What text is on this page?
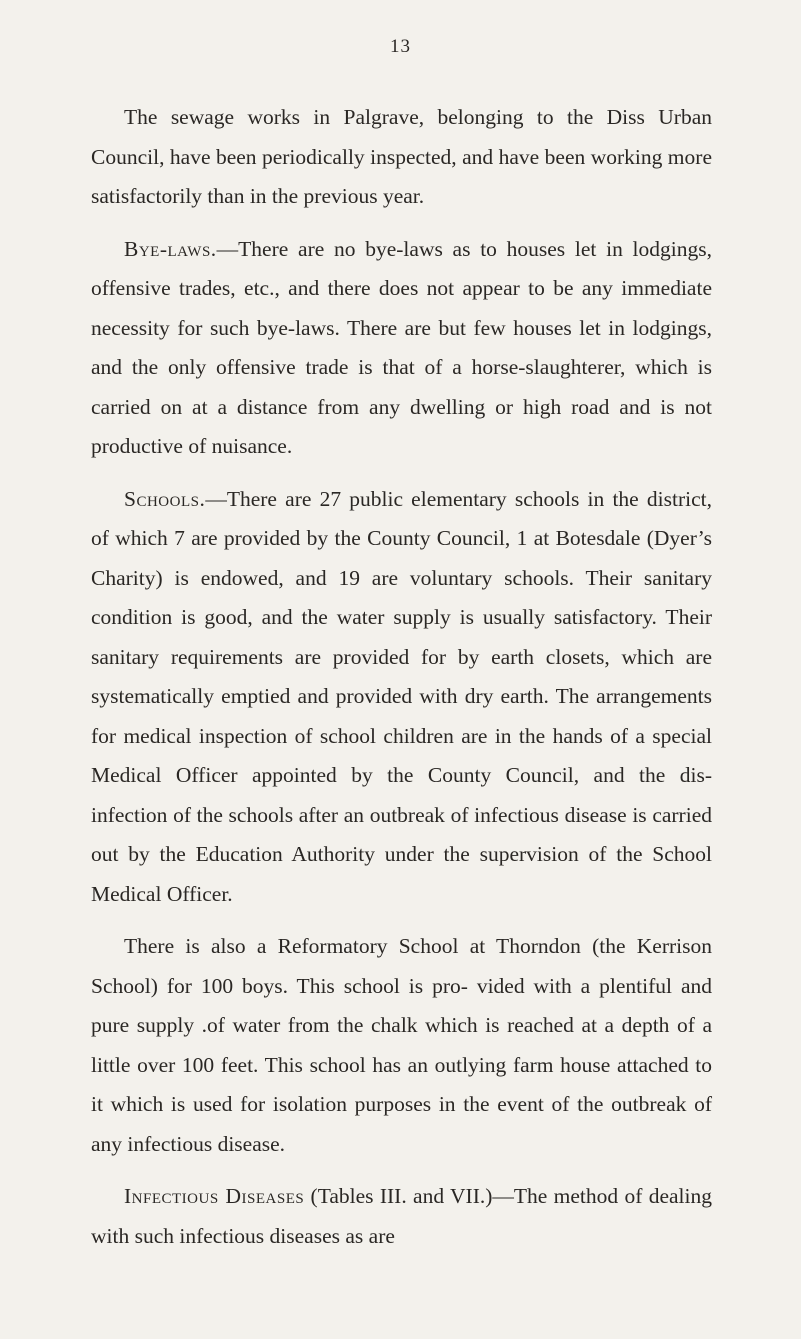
13

The sewage works in Palgrave, belonging to the Diss Urban Council, have been periodically inspected, and have been working more satisfactorily than in the previous year.

Bye-laws.—There are no bye-laws as to houses let in lodgings, offensive trades, etc., and there does not appear to be any immediate necessity for such bye-laws. There are but few houses let in lodgings, and the only offensive trade is that of a horse-slaughterer, which is carried on at a distance from any dwelling or high road and is not productive of nuisance.

Schools.—There are 27 public elementary schools in the district, of which 7 are provided by the County Council, 1 at Botesdale (Dyer’s Charity) is endowed, and 19 are voluntary schools. Their sanitary condition is good, and the water supply is usually satisfactory. Their sanitary requirements are provided for by earth closets, which are systematically emptied and provided with dry earth. The arrangements for medical inspection of school children are in the hands of a special Medical Officer appointed by the County Council, and the dis- infection of the schools after an outbreak of infectious disease is carried out by the Education Authority under the supervision of the School Medical Officer.

There is also a Reformatory School at Thorndon (the Kerrison School) for 100 boys. This school is pro- vided with a plentiful and pure supply .of water from the chalk which is reached at a depth of a little over 100 feet. This school has an outlying farm house attached to it which is used for isolation purposes in the event of the outbreak of any infectious disease.

Infectious Diseases (Tables III. and VII.)—The method of dealing with such infectious diseases as are
